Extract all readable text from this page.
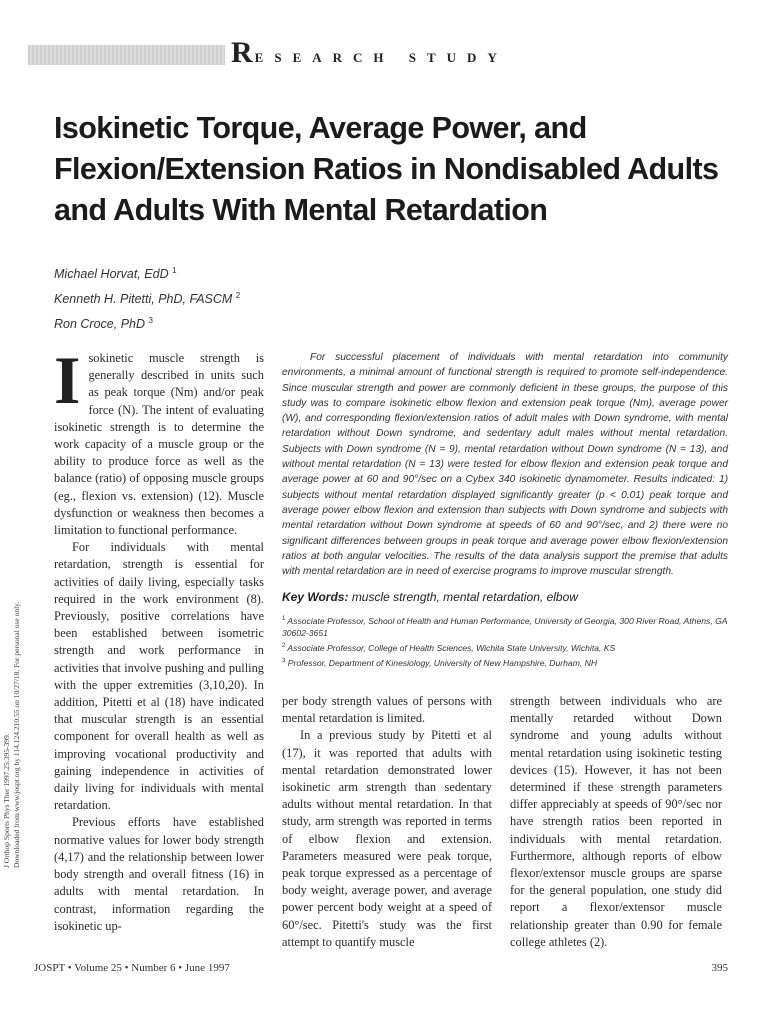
$R^{ESEARCH STUDY}$
Isokinetic Torque, Average Power, and Flexion/Extension Ratios in Nondisabled Adults and Adults With Mental Retardation
Michael Horvat, EdD $^1$
Kenneth H. Pitetti, PhD, FASCM $^2$
Ron Croce, PhD $^3$
J Orthop Sports Phys Ther 1997.25:395-399. Downloaded from www.jospt.org by 114.124.210.55 on 10/27/18. For personal use only.

Isokinetic muscle strength is generally described in units such as peak torque (Nm) and/or peak force (N). The intent of evaluating isokinetic strength is to determine the work capacity of a muscle group or the ability to produce force as well as the balance (ratio) of opposing muscle groups (eg., flexion vs. extension) (12). Muscle dysfunction or weakness then becomes a limitation to functional performance.

For individuals with mental retardation, strength is essential for activities of daily living, especially tasks required in the work environment (8). Previously, positive correlations have been established between isometric strength and work performance in activities that involve pushing and pulling with the upper extremities (3,10,20). In addition, Pitetti et al (18) have indicated that muscular strength is an essential component for overall health as well as improving vocational productivity and gaining independence in activities of daily living for individuals with mental retardation.

Previous efforts have established normative values for lower body strength (4,17) and the relationship between lower body strength and overall fitness (16) in adults with mental retardation. In contrast, information regarding the isokinetic up-

For successful placement of individuals with mental retardation into community environments, a minimal amount of functional strength is required to promote self-independence. Since muscular strength and power are commonly deficient in these groups, the purpose of this study was to compare isokinetic elbow flexion and extension peak torque (Nm), average power (W), and corresponding flexion/extension ratios of adult males with Down syndrome, with mental retardation without Down syndrome, and sedentary adult males without mental retardation. Subjects with Down syndrome (N = 9), mental retardation without Down syndrome (N = 13), and without mental retardation (N = 13) were tested for elbow flexion and extension peak torque and average power at 60 and 90°/sec on a Cybex 340 isokinetic dynamometer. Results indicated: 1) subjects without mental retardation displayed significantly greater (p < 0.01) peak torque and average power elbow flexion and extension than subjects with Down syndrome and subjects with mental retardation without Down syndrome at speeds of 60 and 90°/sec, and 2) there were no significant differences between groups in peak torque and average power elbow flexion/extension ratios at both angular velocities. The results of the data analysis support the premise that adults with mental retardation are in need of exercise programs to improve muscular strength.

Key Words: muscle strength, mental retardation, elbow
$^1$ Associate Professor, School of Health and Human Performance, University of Georgia, 300 River Road, Athens, GA 30602-3651
$^2$ Associate Professor, College of Health Sciences, Wichita State University, Wichita, KS
$^3$ Professor, Department of Kinesiology, University of New Hampshire, Durham, NH

per body strength values of persons with mental retardation is limited.

In a previous study by Pitetti et al (17), it was reported that adults with mental retardation demonstrated lower isokinetic arm strength than sedentary adults without mental retardation. In that study, arm strength was reported in terms of elbow flexion and extension. Parameters measured were peak torque, peak torque expressed as a percentage of body weight, average power, and average power percent body weight at a speed of 60°/sec. Pitetti's study was the first attempt to quantify muscle

strength between individuals who are mentally retarded without Down syndrome and young adults without mental retardation using isokinetic testing devices (15). However, it has not been determined if these strength parameters differ appreciably at speeds of 90°/sec nor have strength ratios been reported in individuals with mental retardation. Furthermore, although reports of elbow flexor/extensor muscle groups are sparse for the general population, one study did report a flexor/extensor muscle relationship greater than 0.90 for female college athletes (2).

JOSPT • Volume 25 • Number 6 • June 1997	395
